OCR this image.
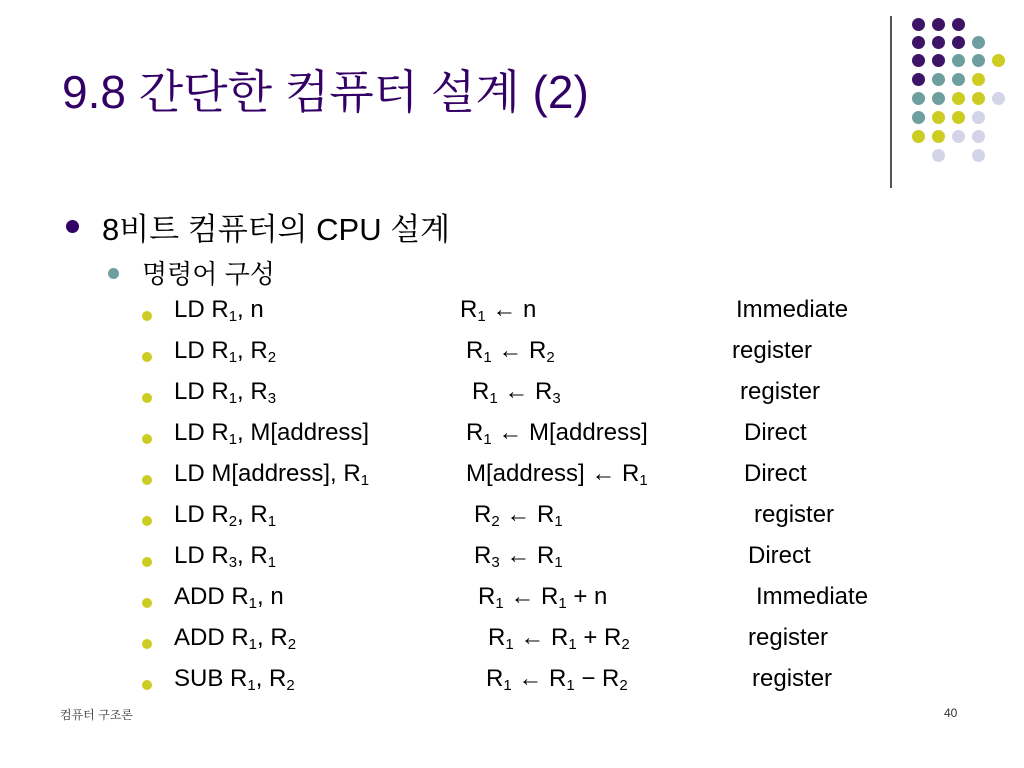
9.8 간단한 컴퓨터 설계 (2)
8비트 컴퓨터의 CPU 설계
명령어 구성
LD $R_1$, n	$R_1$ ← n	Immediate
LD $R_1$, $R_2$	$R_1$ ← $R_2$	register
LD $R_1$, $R_3$	$R_1$ ← $R_3$	register
LD $R_1$, M[address]	$R_1$ ← M[address]	Direct
LD M[address], $R_1$	M[address] ← $R_1$	Direct
LD $R_2$, $R_1$	$R_2$ ← $R_1$	register
LD $R_3$, $R_1$	$R_3$ ← $R_1$	Direct
ADD $R_1$, n	$R_1$ ← $R_1 + n$	Immediate
ADD $R_1$, $R_2$	$R_1$ ← $R_1 + R_2$	register
SUB $R_1$, $R_2$	$R_1$ ← $R_1 - R_2$	register
컴퓨터 구조론	40
